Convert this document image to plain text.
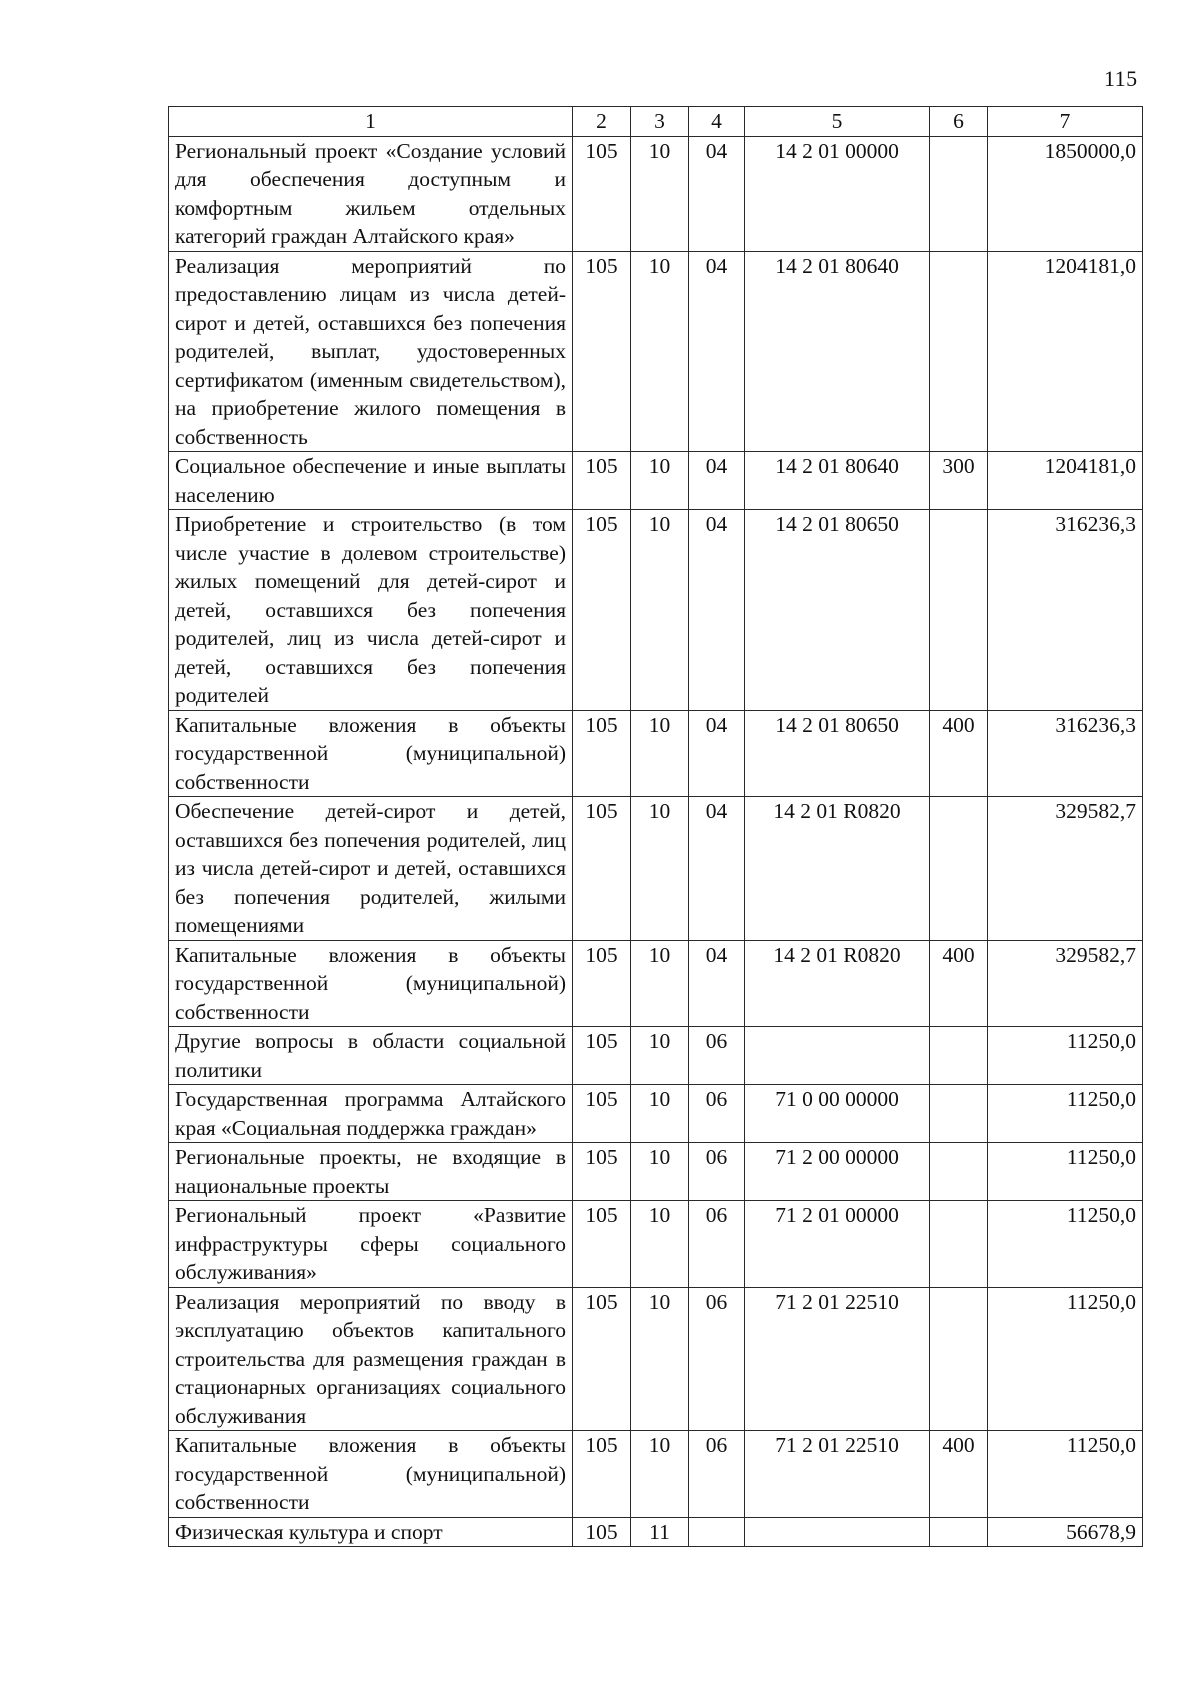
115
1	2	3	4	5	6	7
Региональный проект «Создание условий для обеспечения доступным и комфортным жильем отдельных категорий граждан Алтайского края»	105	10	04	14 2 01 00000		1850000,0
Реализация мероприятий по предоставлению лицам из числа детей-сирот и детей, оставшихся без попечения родителей, выплат, удостоверенных сертификатом (именным свидетельством), на приобретение жилого помещения в собственность	105	10	04	14 2 01 80640		1204181,0
Социальное обеспечение и иные выплаты населению	105	10	04	14 2 01 80640	300	1204181,0
Приобретение и строительство (в том числе участие в долевом строительстве) жилых помещений для детей-сирот и детей, оставшихся без попечения родителей, лиц из числа детей-сирот и детей, оставшихся без попечения родителей	105	10	04	14 2 01 80650		316236,3
Капитальные вложения в объекты государственной (муниципальной) собственности	105	10	04	14 2 01 80650	400	316236,3
Обеспечение детей-сирот и детей, оставшихся без попечения родителей, лиц из числа детей-сирот и детей, оставшихся без попечения родителей, жилыми помещениями	105	10	04	14 2 01 R0820		329582,7
Капитальные вложения в объекты государственной (муниципальной) собственности	105	10	04	14 2 01 R0820	400	329582,7
Другие вопросы в области социальной политики	105	10	06			11250,0
Государственная программа Алтайского края «Социальная поддержка граждан»	105	10	06	71 0 00 00000		11250,0
Региональные проекты, не входящие в национальные проекты	105	10	06	71 2 00 00000		11250,0
Региональный проект «Развитие инфраструктуры сферы социального обслуживания»	105	10	06	71 2 01 00000		11250,0
Реализация мероприятий по вводу в эксплуатацию объектов капитального строительства для размещения граждан в стационарных организациях социального обслуживания	105	10	06	71 2 01 22510		11250,0
Капитальные вложения в объекты государственной (муниципальной) собственности	105	10	06	71 2 01 22510	400	11250,0
Физическая культура и спорт	105	11				56678,9
